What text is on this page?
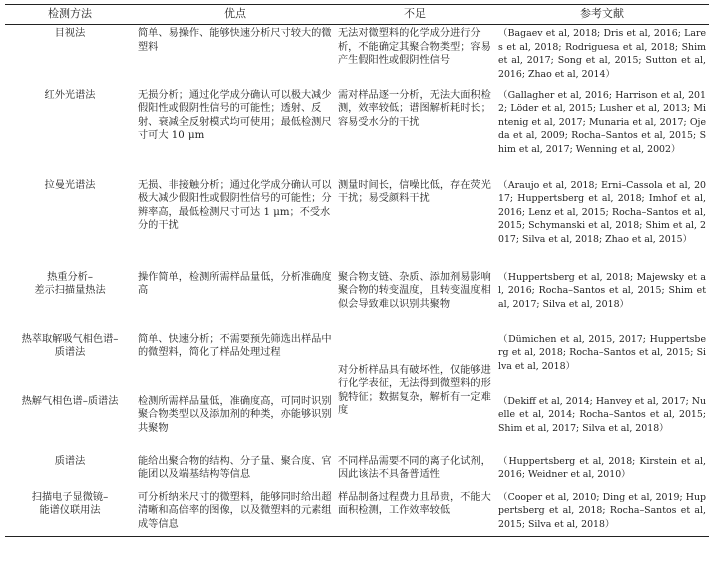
检测方法	优点	不足	参考文献
目视法	简单、易操作、能够快速分析尺寸较大的微塑料	无法对微塑料的化学成分进行分析，不能确定其聚合物类型；容易产生假阳性或假阴性信号	（Bagaev et al, 2018; Dris et al, 2016; Lares et al, 2018; Rodriguesa et al, 2018; Shim et al, 2017; Song et al, 2015; Sutton et al, 2016; Zhao et al, 2014）
红外光谱法	无损分析；通过化学成分确认可以极大减少假阳性或假阴性信号的可能性；透射、反射、衰减全反射模式均可使用；最低检测尺寸可大 10 μm	需对样品逐一分析，无法大面积检测，效率较低；谱图解析耗时长；容易受水分的干扰	（Gallagher et al, 2016; Harrison et al, 2012; Löder et al, 2015; Lusher et al, 2013; Mintenig et al, 2017; Munaria et al, 2017; Ojeda et al, 2009; Rocha–Santos et al, 2015; Shim et al, 2017; Wenning et al, 2002）
拉曼光谱法	无损、非接触分析；通过化学成分确认可以极大减少假阳性或假阴性信号的可能性；分辨率高，最低检测尺寸可达 1 μm；不受水分的干扰	测量时间长，信噪比低，存在荧光干扰；易受颜料干扰	（Araujo et al, 2018; Erni–Cassola et al, 2017; Huppertsberg et al, 2018; Imhof et al, 2016; Lenz et al, 2015; Rocha–Santos et al, 2015; Schymanski et al, 2018; Shim et al, 2017; Silva et al, 2018; Zhao et al, 2015）
热重分析–
差示扫描量热法	操作简单，检测所需样品量低，分析准确度高	聚合物支链、杂质、添加剂易影响聚合物的转变温度，且转变温度相似会导致难以识别共聚物	（Huppertsberg et al, 2018; Majewsky et al, 2016; Rocha–Santos et al, 2015; Shim et al, 2017; Silva et al, 2018）
热萃取解吸气相色谱–
质谱法	简单、快速分析；不需要预先筛选出样品中的微塑料，简化了样品处理过程	对分析样品具有破坏性，仅能够进行化学表征，无法得到微塑料的形貌特征；数据复杂，解析有一定难度	（Dümichen et al, 2015, 2017; Huppertsberg et al, 2018; Rocha–Santos et al, 2015; Silva et al, 2018）
热解气相色谱–质谱法	检测所需样品量低，准确度高，可同时识别聚合物类型以及添加剂的种类，亦能够识别共聚物		（Dekiff et al, 2014; Hanvey et al, 2017; Nuelle et al, 2014; Rocha–Santos et al, 2015; Shim et al, 2017; Silva et al, 2018）
质谱法	能给出聚合物的结构、分子量、聚合度、官能团以及端基结构等信息	不同样品需要不同的离子化试剂，因此该法不具备普适性	（Huppertsberg et al, 2018; Kirstein et al, 2016; Weidner et al, 2010）
扫描电子显微镜–
能谱仪联用法	可分析纳米尺寸的微塑料，能够同时给出超清晰和高倍率的图像，以及微塑料的元素组成等信息	样品制备过程费力且昂贵，不能大面积检测，工作效率较低	（Cooper et al, 2010; Ding et al, 2019; Huppertsberg et al, 2018; Rocha–Santos et al, 2015; Silva et al, 2018）
